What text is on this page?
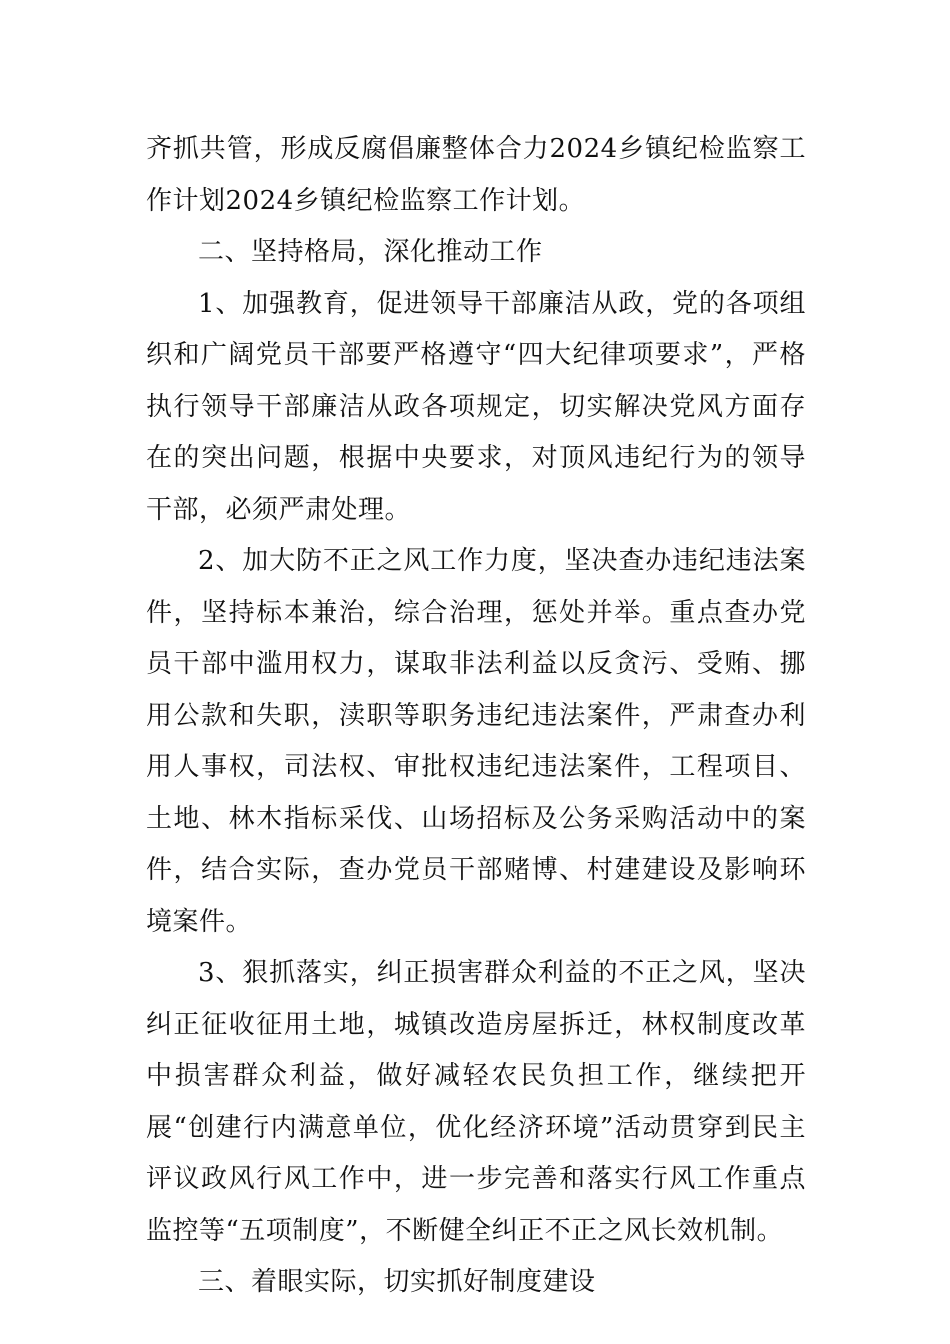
齐抓共管，形成反腐倡廉整体合力2024乡镇纪检监察工作计划2024乡镇纪检监察工作计划。

二、坚持格局，深化推动工作

1、加强教育，促进领导干部廉洁从政，党的各项组织和广阔党员干部要严格遵守“四大纪律项要求”，严格执行领导干部廉洁从政各项规定，切实解决党风方面存在的突出问题，根据中央要求，对顶风违纪行为的领导干部，必须严肃处理。

2、加大防不正之风工作力度，坚决查办违纪违法案件，坚持标本兼治，综合治理，惩处并举。重点查办党员干部中滥用权力，谋取非法利益以反贪污、受贿、挪用公款和失职，渎职等职务违纪违法案件，严肃查办利用人事权，司法权、审批权违纪违法案件，工程项目、土地、林木指标采伐、山场招标及公务采购活动中的案件，结合实际，查办党员干部赌博、村建建设及影响环境案件。

3、狠抓落实，纠正损害群众利益的不正之风，坚决纠正征收征用土地，城镇改造房屋拆迁，林权制度改革中损害群众利益，做好减轻农民负担工作，继续把开展“创建行内满意单位，优化经济环境”活动贯穿到民主评议政风行风工作中，进一步完善和落实行风工作重点监控等“五项制度”，不断健全纠正不正之风长效机制。

三、着眼实际，切实抓好制度建设
